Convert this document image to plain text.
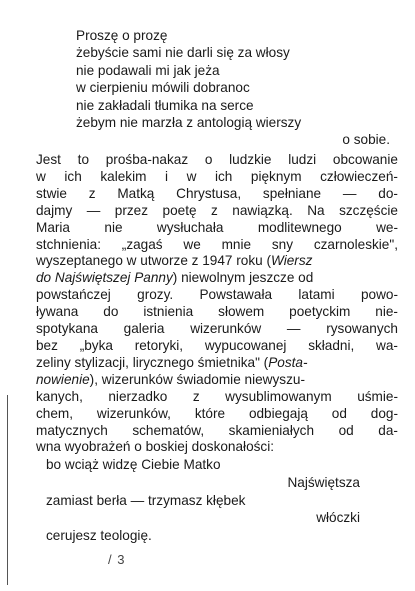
Proszę o prozę
żebyście sami nie darli się za włosy
nie podawali mi jak jeża
w cierpieniu mówili dobranoc
nie zakładali tłumika na serce
żebym nie marzła z antologią wierszy
o sobie.
Jest to prośba-nakaz o ludzkie ludzi obcowanie
w ich kalekim i w ich pięknym człowieczeń-
stwie z Matką Chrystusa, spełniane — do-
dajmy — przez poetę z nawiązką. Na szczęście
Maria	nie	wysłuchała	modlitewnego	we-
stchnienia: „zagaś we mnie sny czarnoleskie",
wyszeptanego w utworze z 1947 roku ( Wiersz
do Najświętszej Panny ) niewolnym jeszcze od
powstańczej grozy. Powstawała latami powo-
ływana do istnienia słowem poetyckim nie-
spotykana galeria wizerunków — rysowanych
bez „byka retoryki, wypucowanej składni, wa-
zeliny stylizacji, lirycznego śmietnika" ( Posta-
nowienie ), wizerunków świadomie niewyszu-
kanych, nierzadko z wysublimowanym uśmie-
chem, wizerunków, które odbiegają od dog-
matycznych schematów, skamieniałych od da-
wna wyobrażeń o boskiej doskonałości:
bo wciąż widzę Ciebie Matko
Najświętsza
zamiast berła — trzymasz kłębek
włóczki
cerujesz teologię.
/ 3
